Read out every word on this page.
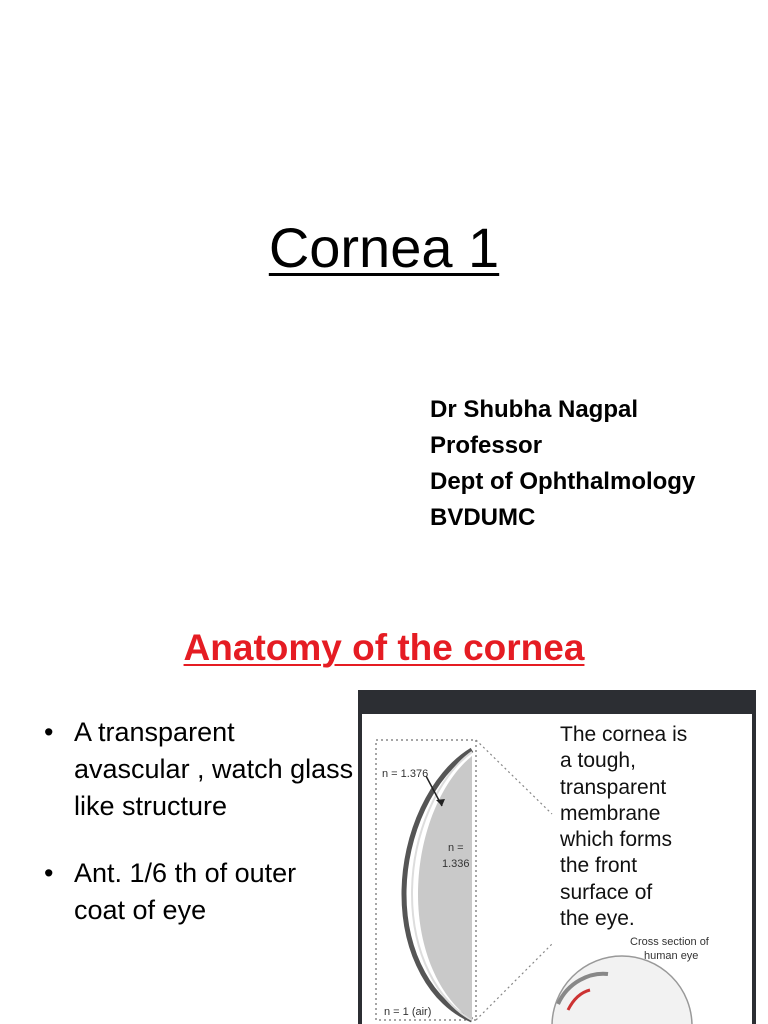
Cornea 1
Dr Shubha Nagpal
Professor
Dept of Ophthalmology
BVDUMC
Anatomy of the cornea
• A transparent avascular , watch glass like structure
• Ant. 1/6 th of outer coat of eye
n = 1.376
n =
1.336
n = 1 (air)
Cross section of
human eye
The cornea is
a tough,
transparent
membrane
which forms
the front
surface of
the eye.
